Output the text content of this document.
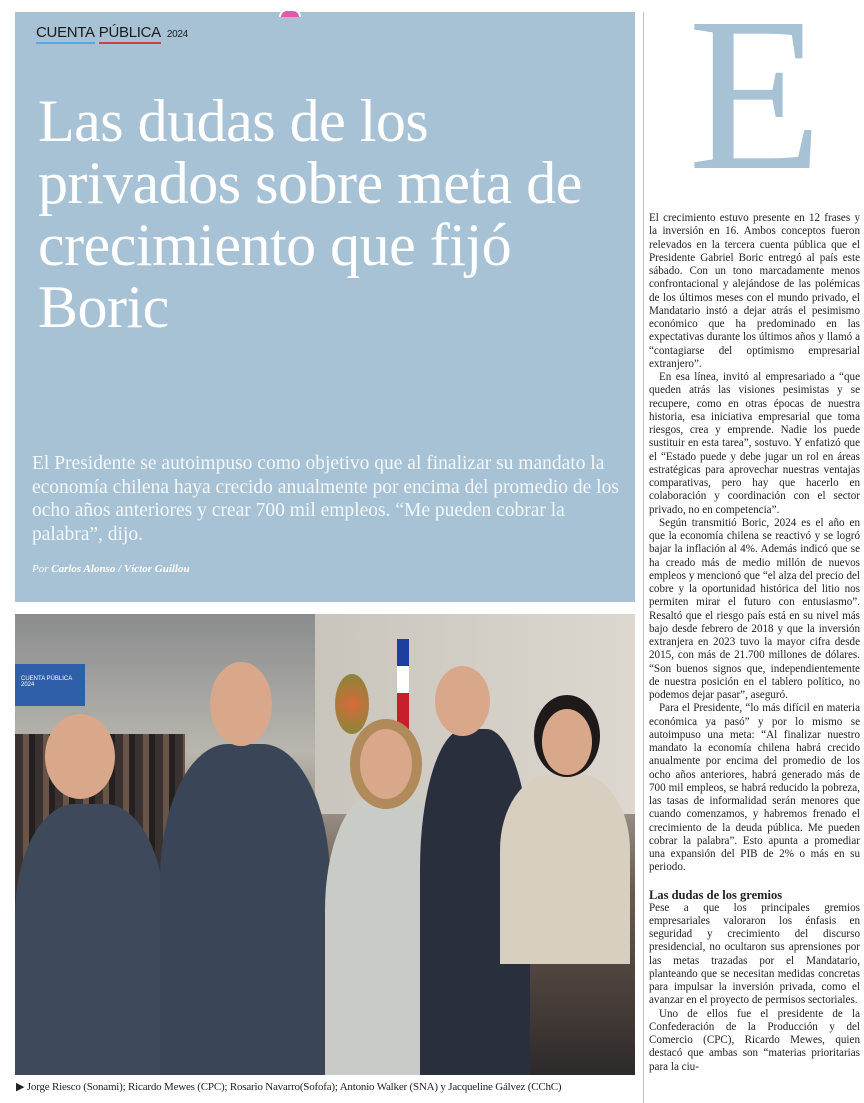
CUENTA PÚBLICA 2024
Las dudas de los privados sobre meta de crecimiento que fijó Boric
El Presidente se autoimpuso como objetivo que al finalizar su mandato la economía chilena haya crecido anualmente por encima del promedio de los ocho años anteriores y crear 700 mil empleos. “Me pueden cobrar la palabra”, dijo.
Por Carlos Alonso / Víctor Guillou
CUENTA PÚBLICA 2024
▶ Jorge Riesco (Sonami); Ricardo Mewes (CPC); Rosario Navarro(Sofofa); Antonio Walker (SNA) y Jacqueline Gálvez (CChC)
E

El crecimiento estuvo presente en 12 frases y la inversión en 16. Ambos conceptos fueron relevados en la tercera cuenta pública que el Presidente Gabriel Boric entregó al país este sábado. Con un tono marcadamente menos confrontacional y alejándose de las polémicas de los últimos meses con el mundo privado, el Mandatario instó a dejar atrás el pesimismo económico que ha predominado en las expectativas durante los últimos años y llamó a “contagiarse del optimismo empresarial extranjero”.

En esa línea, invitó al empresariado a “que queden atrás las visiones pesimistas y se recupere, como en otras épocas de nuestra historia, esa iniciativa empresarial que toma riesgos, crea y emprende. Nadie los puede sustituir en esta tarea”, sostuvo. Y enfatizó que el “Estado puede y debe jugar un rol en áreas estratégicas para aprovechar nuestras ventajas comparativas, pero hay que hacerlo en colaboración y coordinación con el sector privado, no en competencia”.

Según transmitió Boric, 2024 es el año en que la economía chilena se reactivó y se logró bajar la inflación al 4%. Además indicó que se ha creado más de medio millón de nuevos empleos y mencionó que “el alza del precio del cobre y la oportunidad histórica del litio nos permiten mirar el futuro con entusiasmo”. Resaltó que el riesgo país está en su nivel más bajo desde febrero de 2018 y que la inversión extranjera en 2023 tuvo la mayor cifra desde 2015, con más de 21.700 millones de dólares. “Son buenos signos que, independientemente de nuestra posición en el tablero político, no podemos dejar pasar”, aseguró.

Para el Presidente, “lo más difícil en materia económica ya pasó” y por lo mismo se autoimpuso una meta: “Al finalizar nuestro mandato la economía chilena habrá crecido anualmente por encima del promedio de los ocho años anteriores, habrá generado más de 700 mil empleos, se habrá reducido la pobreza, las tasas de informalidad serán menores que cuando comenzamos, y habremos frenado el crecimiento de la deuda pública. Me pueden cobrar la palabra”. Esto apunta a promediar una expansión del PIB de 2% o más en su periodo.

Las dudas de los gremios

Pese a que los principales gremios empresariales valoraron los énfasis en seguridad y crecimiento del discurso presidencial, no ocultaron sus aprensiones por las metas trazadas por el Mandatario, planteando que se necesitan medidas concretas para impulsar la inversión privada, como el avanzar en el proyecto de permisos sectoriales.

Uno de ellos fue el presidente de la Confederación de la Producción y del Comercio (CPC), Ricardo Mewes, quien destacó que ambas son “materias prioritarias para la ciu-
